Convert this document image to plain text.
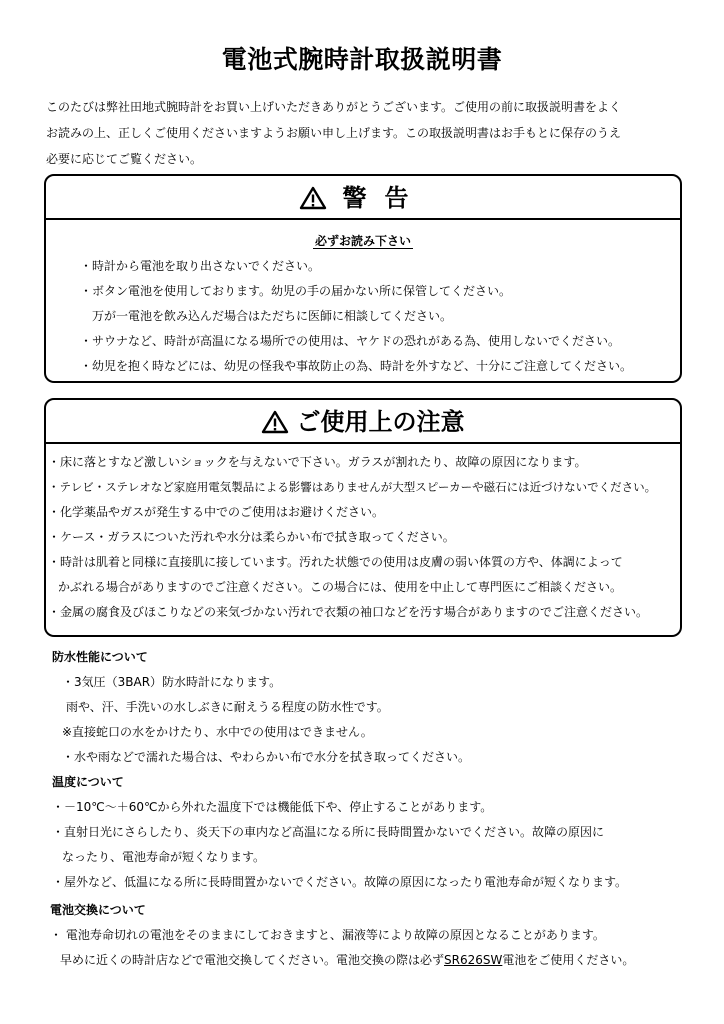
電池式腕時計取扱説明書
このたびは弊社田地式腕時計をお買い上げいただきありがとうございます。ご使用の前に取扱説明書をよく
お読みの上、正しくご使用くださいますようお願い申し上げます。この取扱説明書はお手もとに保存のうえ
必要に応じてご覧ください。
警告
必ずお読み下さい
・時計から電池を取り出さないでください。
・ボタン電池を使用しております。幼児の手の届かない所に保管してください。
万が一電池を飲み込んだ場合はただちに医師に相談してください。
・サウナなど、時計が高温になる場所での使用は、ヤケドの恐れがある為、使用しないでください。
・幼児を抱く時などには、幼児の怪我や事故防止の為、時計を外すなど、十分にご注意してください。
ご使用上の注意
・床に落とすなど激しいショックを与えないで下さい。ガラスが割れたり、故障の原因になります。
・テレビ・ステレオなど家庭用電気製品による影響はありませんが大型スピーカーや磁石には近づけないでください。
・化学薬品やガスが発生する中でのご使用はお避けください。
・ケース・ガラスについた汚れや水分は柔らかい布で拭き取ってください。
・時計は肌着と同様に直接肌に接しています。汚れた状態での使用は皮膚の弱い体質の方や、体調によって
かぶれる場合がありますのでご注意ください。この場合には、使用を中止して専門医にご相談ください。
・金属の腐食及びほこりなどの来気づかない汚れで衣類の袖口などを汚す場合がありますのでご注意ください。
防水性能について
・3気圧（3BAR）防水時計になります。
雨や、汗、手洗いの水しぶきに耐えうる程度の防水性です。
※直接蛇口の水をかけたり、水中での使用はできません。
・水や雨などで濡れた場合は、やわらかい布で水分を拭き取ってください。
温度について
・－10℃～＋60℃から外れた温度下では機能低下や、停止することがあります。
・直射日光にさらしたり、炎天下の車内など高温になる所に長時間置かないでください。故障の原因に
なったり、電池寿命が短くなります。
・屋外など、低温になる所に長時間置かないでください。故障の原因になったり電池寿命が短くなります。
電池交換について
・ 電池寿命切れの電池をそのままにしておきますと、漏液等により故障の原因となることがあります。
早めに近くの時計店などで電池交換してください。電池交換の際は必ずSR626SW電池をご使用ください。
